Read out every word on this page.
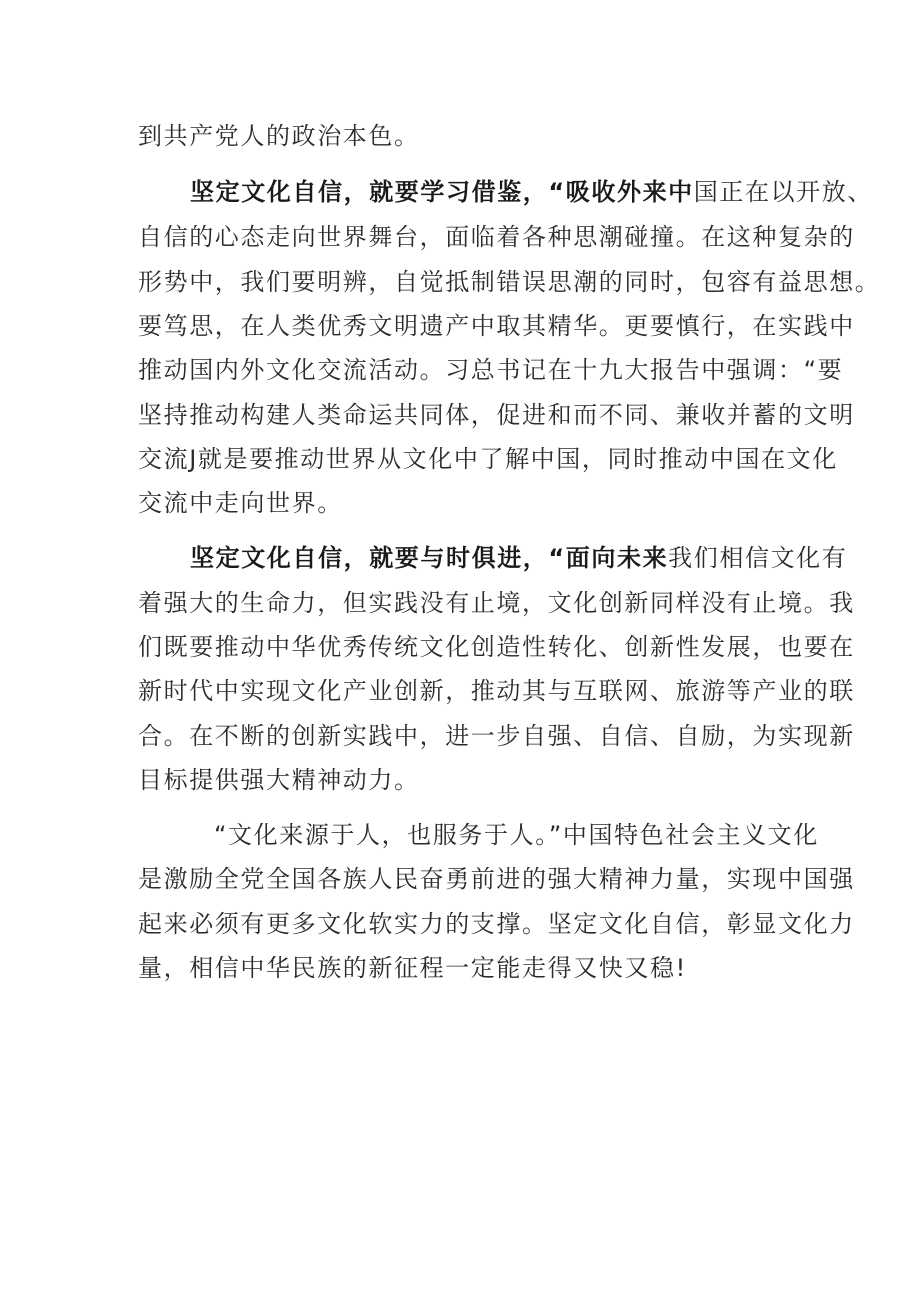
到共产党人的政治本色。
坚定文化自信，就要学习借鉴，“吸收外来中国正在以开放、
自信的心态走向世界舞台，面临着各种思潮碰撞。在这种复杂的
形势中，我们要明辨，自觉抵制错误思潮的同时，包容有益思想。
要笃思，在人类优秀文明遗产中取其精华。更要慎行，在实践中
推动国内外文化交流活动。习总书记在十九大报告中强调：“要
坚持推动构建人类命运共同体，促进和而不同、兼收并蓄的文明
交流J就是要推动世界从文化中了解中国，同时推动中国在文化
交流中走向世界。
坚定文化自信，就要与时俱进，“面向未来我们相信文化有
着强大的生命力，但实践没有止境，文化创新同样没有止境。我
们既要推动中华优秀传统文化创造性转化、创新性发展，也要在
新时代中实现文化产业创新，推动其与互联网、旅游等产业的联
合。在不断的创新实践中，进一步自强、自信、自励，为实现新
目标提供强大精神动力。
“文化来源于人，也服务于人。”中国特色社会主义文化
是激励全党全国各族人民奋勇前进的强大精神力量，实现中国强
起来必须有更多文化软实力的支撑。坚定文化自信，彰显文化力
量，相信中华民族的新征程一定能走得又快又稳!
